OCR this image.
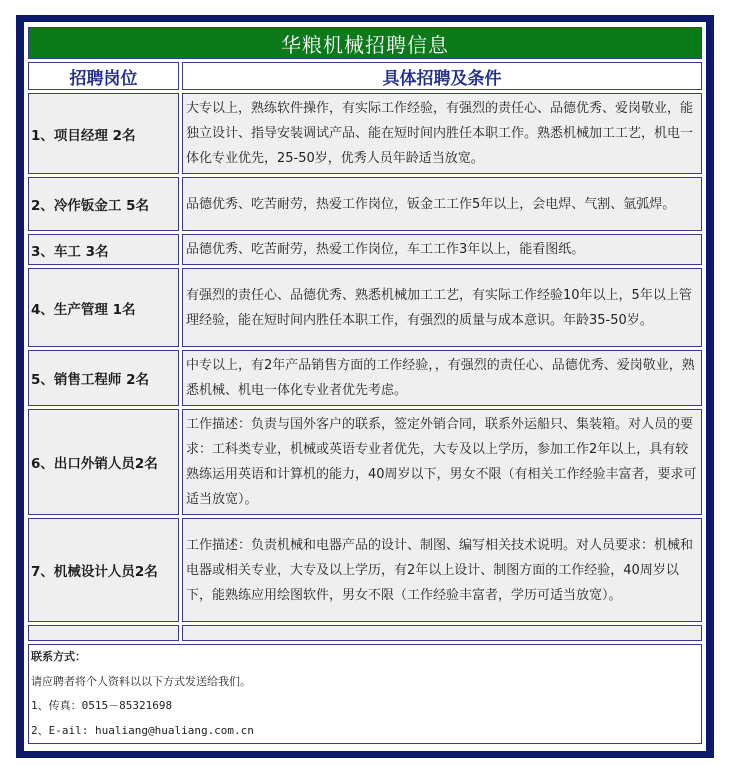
华粮机械招聘信息	
招聘岗位	具体招聘及条件
1、项目经理 2名	大专以上，熟练软件操作，有实际工作经验，有强烈的责任心、品德优秀、爱岗敬业，能独立设计、指导安装调试产品、能在短时间内胜任本职工作。熟悉机械加工工艺，机电一体化专业优先，25-50岁，优秀人员年龄适当放宽。
2、冷作钣金工 5名	品德优秀、吃苦耐劳，热爱工作岗位，钣金工工作5年以上，会电焊、气割、氩弧焊。
3、车工 3名	品德优秀、吃苦耐劳，热爱工作岗位，车工工作3年以上，能看图纸。
4、生产管理 1名	有强烈的责任心、品德优秀、熟悉机械加工工艺，有实际工作经验10年以上，5年以上管理经验，能在短时间内胜任本职工作，有强烈的质量与成本意识。年龄35-50岁。
5、销售工程师 2名	中专以上，有2年产品销售方面的工作经验，，有强烈的责任心、品德优秀、爱岗敬业，熟悉机械、机电一体化专业者优先考虑。
6、出口外销人员2名	工作描述：负责与国外客户的联系，签定外销合同，联系外运船只、集装箱。对人员的要求：工科类专业，机械或英语专业者优先，大专及以上学历，参加工作2年以上，具有较熟练运用英语和计算机的能力，40周岁以下，男女不限（有相关工作经验丰富者，要求可适当放宽）。
7、机械设计人员2名	工作描述：负责机械和电器产品的设计、制图、编写相关技术说明。对人员要求：机械和电器或相关专业，大专及以上学历，有2年以上设计、制图方面的工作经验，40周岁以下，能熟练应用绘图软件，男女不限（工作经验丰富者，学历可适当放宽）。

联系方式：
请应聘者将个人资料以以下方式发送给我们。
1、传真：0515－85321698
2、E-ail: hualiang@hualiang.com.cn	
